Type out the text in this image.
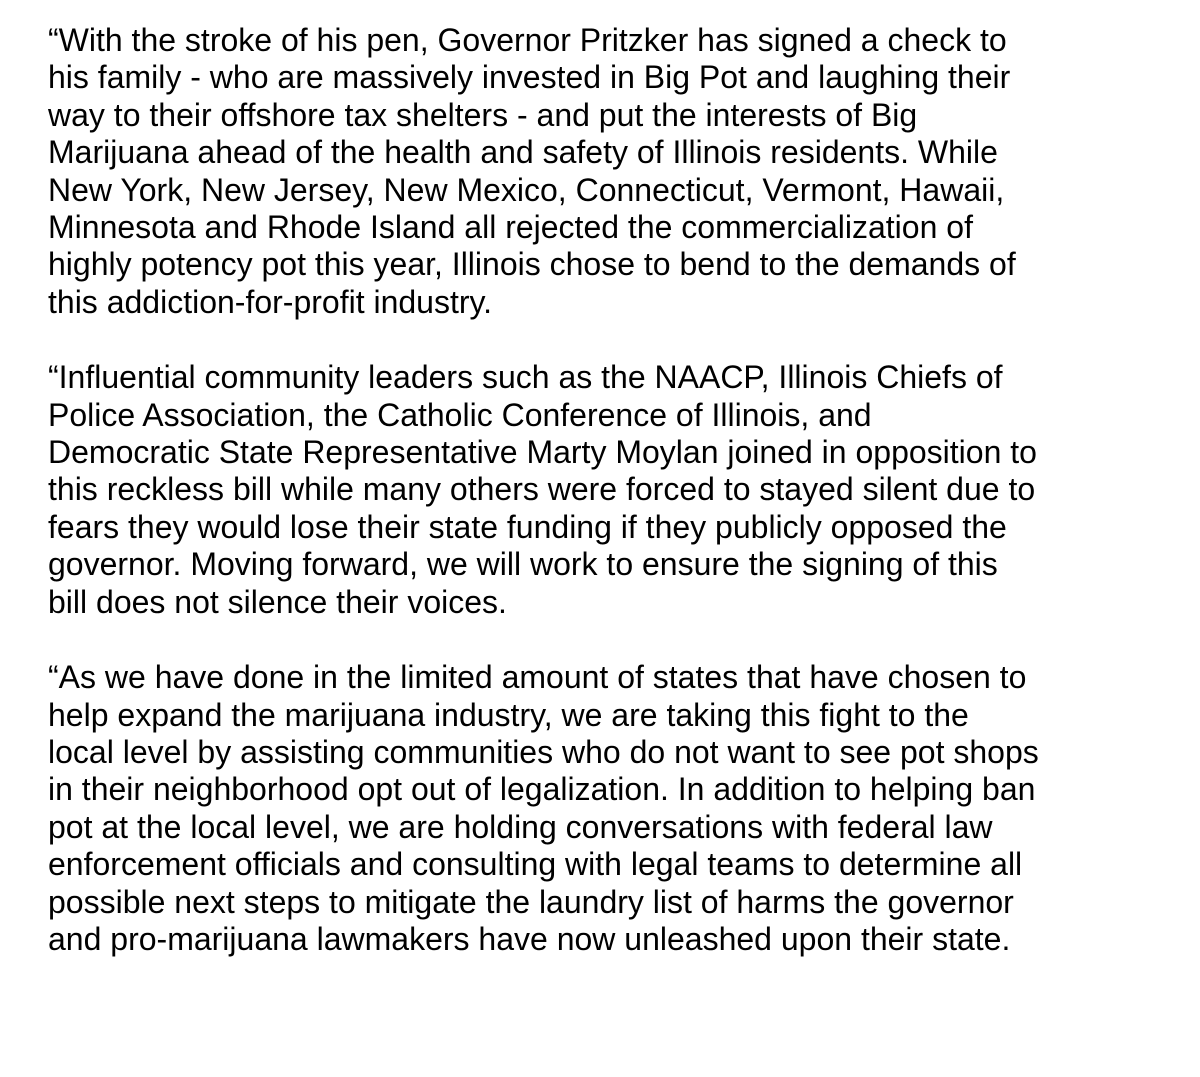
“With the stroke of his pen, Governor Pritzker has signed a check to
his family - who are massively invested in Big Pot and laughing their
way to their offshore tax shelters - and put the interests of Big
Marijuana ahead of the health and safety of Illinois residents. While
New York, New Jersey, New Mexico, Connecticut, Vermont, Hawaii,
Minnesota and Rhode Island all rejected the commercialization of
highly potency pot this year, Illinois chose to bend to the demands of
this addiction-for-profit industry.

“Influential community leaders such as the NAACP, Illinois Chiefs of
Police Association, the Catholic Conference of Illinois, and
Democratic State Representative Marty Moylan joined in opposition to
this reckless bill while many others were forced to stayed silent due to
fears they would lose their state funding if they publicly opposed the
governor. Moving forward, we will work to ensure the signing of this
bill does not silence their voices.

“As we have done in the limited amount of states that have chosen to
help expand the marijuana industry, we are taking this fight to the
local level by assisting communities who do not want to see pot shops
in their neighborhood opt out of legalization. In addition to helping ban
pot at the local level, we are holding conversations with federal law
enforcement officials and consulting with legal teams to determine all
possible next steps to mitigate the laundry list of harms the governor
and pro-marijuana lawmakers have now unleashed upon their state.
